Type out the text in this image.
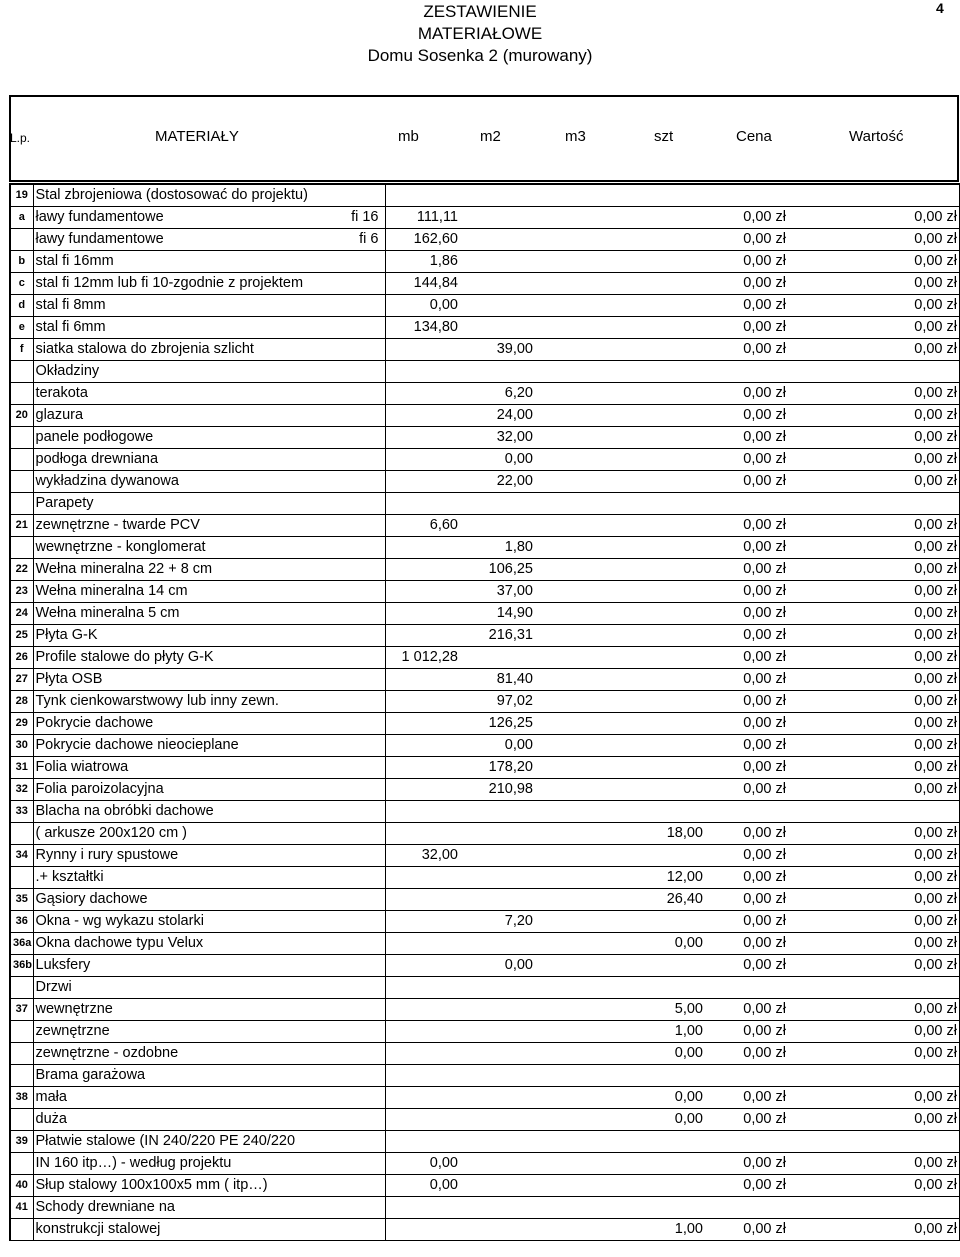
ZESTAWIENIE
MATERIAŁOWE
Domu Sosenka 2 (murowany)
4
L.p.	MATERIAŁY	mb	m2	m3	szt	Cena	Wartość
19	Stal zbrojeniowa (dostosować do projektu)						
a	ławy fundamentowe fi 16	111,11				0,00 zł	0,00 zł
	ławy fundamentowe fi 6	162,60				0,00 zł	0,00 zł
b	stal fi 16mm	1,86				0,00 zł	0,00 zł
c	stal fi 12mm lub fi 10-zgodnie z projektem	144,84				0,00 zł	0,00 zł
d	stal fi 8mm	0,00				0,00 zł	0,00 zł
e	stal fi 6mm	134,80				0,00 zł	0,00 zł
f	siatka stalowa do zbrojenia szlicht		39,00			0,00 zł	0,00 zł
	Okładziny						
	terakota		6,20			0,00 zł	0,00 zł
20	glazura		24,00			0,00 zł	0,00 zł
	panele podłogowe		32,00			0,00 zł	0,00 zł
	podłoga drewniana		0,00			0,00 zł	0,00 zł
	wykładzina dywanowa		22,00			0,00 zł	0,00 zł
	Parapety						
21	zewnętrzne - twarde PCV	6,60				0,00 zł	0,00 zł
	wewnętrzne - konglomerat		1,80			0,00 zł	0,00 zł
22	Wełna mineralna 22 + 8 cm		106,25			0,00 zł	0,00 zł
23	Wełna mineralna 14 cm		37,00			0,00 zł	0,00 zł
24	Wełna mineralna 5 cm		14,90			0,00 zł	0,00 zł
25	Płyta G-K		216,31			0,00 zł	0,00 zł
26	Profile stalowe do płyty G-K	1 012,28				0,00 zł	0,00 zł
27	Płyta OSB		81,40			0,00 zł	0,00 zł
28	Tynk cienkowarstwowy lub inny zewn.		97,02			0,00 zł	0,00 zł
29	Pokrycie dachowe		126,25			0,00 zł	0,00 zł
30	Pokrycie dachowe nieocieplane		0,00			0,00 zł	0,00 zł
31	Folia wiatrowa		178,20			0,00 zł	0,00 zł
32	Folia paroizolacyjna		210,98			0,00 zł	0,00 zł
33	Blacha na obróbki dachowe						
	( arkusze 200x120 cm )				18,00	0,00 zł	0,00 zł
34	Rynny i rury spustowe	32,00				0,00 zł	0,00 zł
	.+ kształtki				12,00	0,00 zł	0,00 zł
35	Gąsiory dachowe				26,40	0,00 zł	0,00 zł
36	Okna - wg wykazu stolarki		7,20			0,00 zł	0,00 zł
36a	Okna dachowe typu Velux				0,00	0,00 zł	0,00 zł
36b	Luksfery		0,00			0,00 zł	0,00 zł
	Drzwi						
37	wewnętrzne				5,00	0,00 zł	0,00 zł
	zewnętrzne				1,00	0,00 zł	0,00 zł
	zewnętrzne - ozdobne				0,00	0,00 zł	0,00 zł
	Brama garażowa						
38	mała				0,00	0,00 zł	0,00 zł
	duża				0,00	0,00 zł	0,00 zł
39	Płatwie stalowe (IN 240/220 PE 240/220						
	IN 160 itp…) - według projektu	0,00				0,00 zł	0,00 zł
40	Słup stalowy 100x100x5 mm ( itp…)	0,00				0,00 zł	0,00 zł
41	Schody drewniane na						
	konstrukcji stalowej				1,00	0,00 zł	0,00 zł
